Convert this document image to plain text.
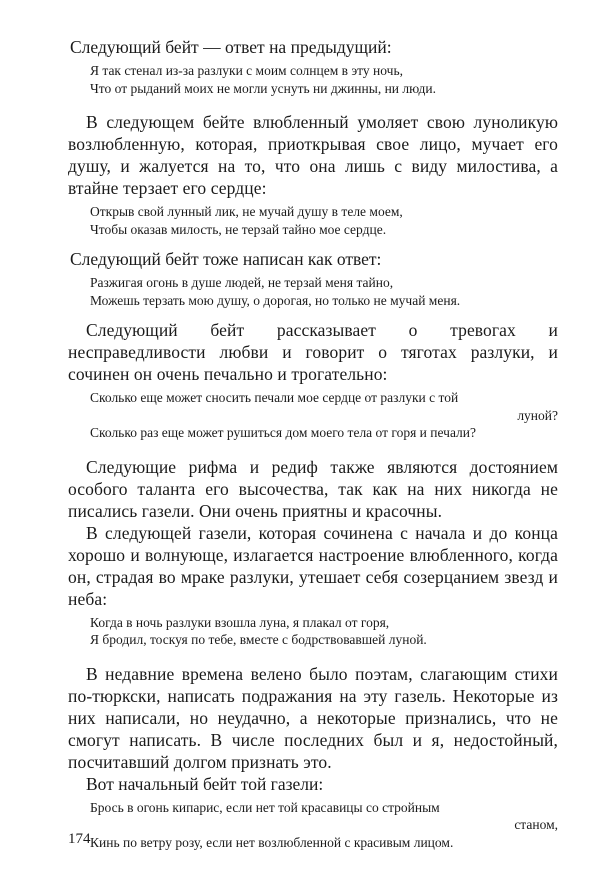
Следующий бейт — ответ на предыдущий:

Я так стенал из-за разлуки с моим солнцем в эту ночь,
Что от рыданий моих не могли уснуть ни джинны, ни люди.

В следующем бейте влюбленный умоляет свою луноликую возлюбленную, которая, приоткрывая свое лицо, мучает его душу, и жалуется на то, что она лишь с виду милостива, а втайне терзает его сердце:

Открыв свой лунный лик, не мучай душу в теле моем,
Чтобы оказав милость, не терзай тайно мое сердце.

Следующий бейт тоже написан как ответ:

Разжигая огонь в душе людей, не терзай меня тайно,
Можешь терзать мою душу, о дорогая, но только не мучай меня.

Следующий бейт рассказывает о тревогах и несправедливости любви и говорит о тяготах разлуки, и сочинен он очень печально и трогательно:

Сколько еще может сносить печали мое сердце от разлуки с той
луной?
Сколько раз еще может рушиться дом моего тела от горя и печали?

Следующие рифма и редиф также являются достоянием особого таланта его высочества, так как на них никогда не писались газели. Они очень приятны и красочны.

В следующей газели, которая сочинена с начала и до конца хорошо и волнующе, излагается настроение влюбленного, когда он, страдая во мраке разлуки, утешает себя созерцанием звезд и неба:

Когда в ночь разлуки взошла луна, я плакал от горя,
Я бродил, тоскуя по тебе, вместе с бодрствовавшей луной.

В недавние времена велено было поэтам, слагающим стихи по-тюркски, написать подражания на эту газель. Некоторые из них написали, но неудачно, а некоторые признались, что не смогут написать. В числе последних был и я, недостойный, посчитавший долгом признать это.

Вот начальный бейт той газели:

Брось в огонь кипарис, если нет той красавицы со стройным
станом,
Кинь по ветру розу, если нет возлюбленной с красивым лицом.
174
